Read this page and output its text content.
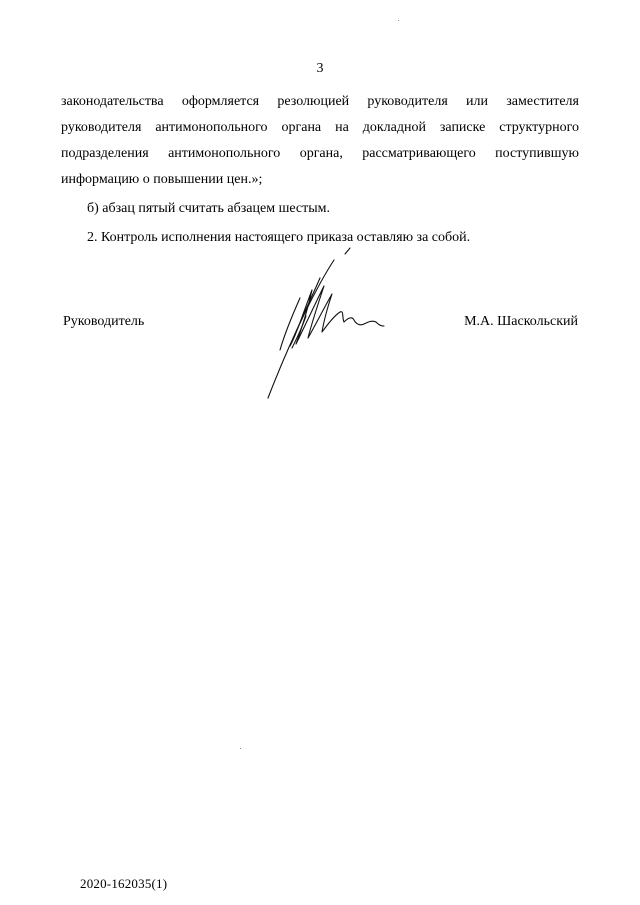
3

законодательства оформляется резолюцией руководителя или заместителя руководителя антимонопольного органа на докладной записке структурного подразделения антимонопольного органа, рассматривающего поступившую информацию о повышении цен.»;

б) абзац пятый считать абзацем шестым.

2. Контроль исполнения настоящего приказа оставляю за собой.

Руководитель	М.А. Шаскольский
2020-162035(1)
